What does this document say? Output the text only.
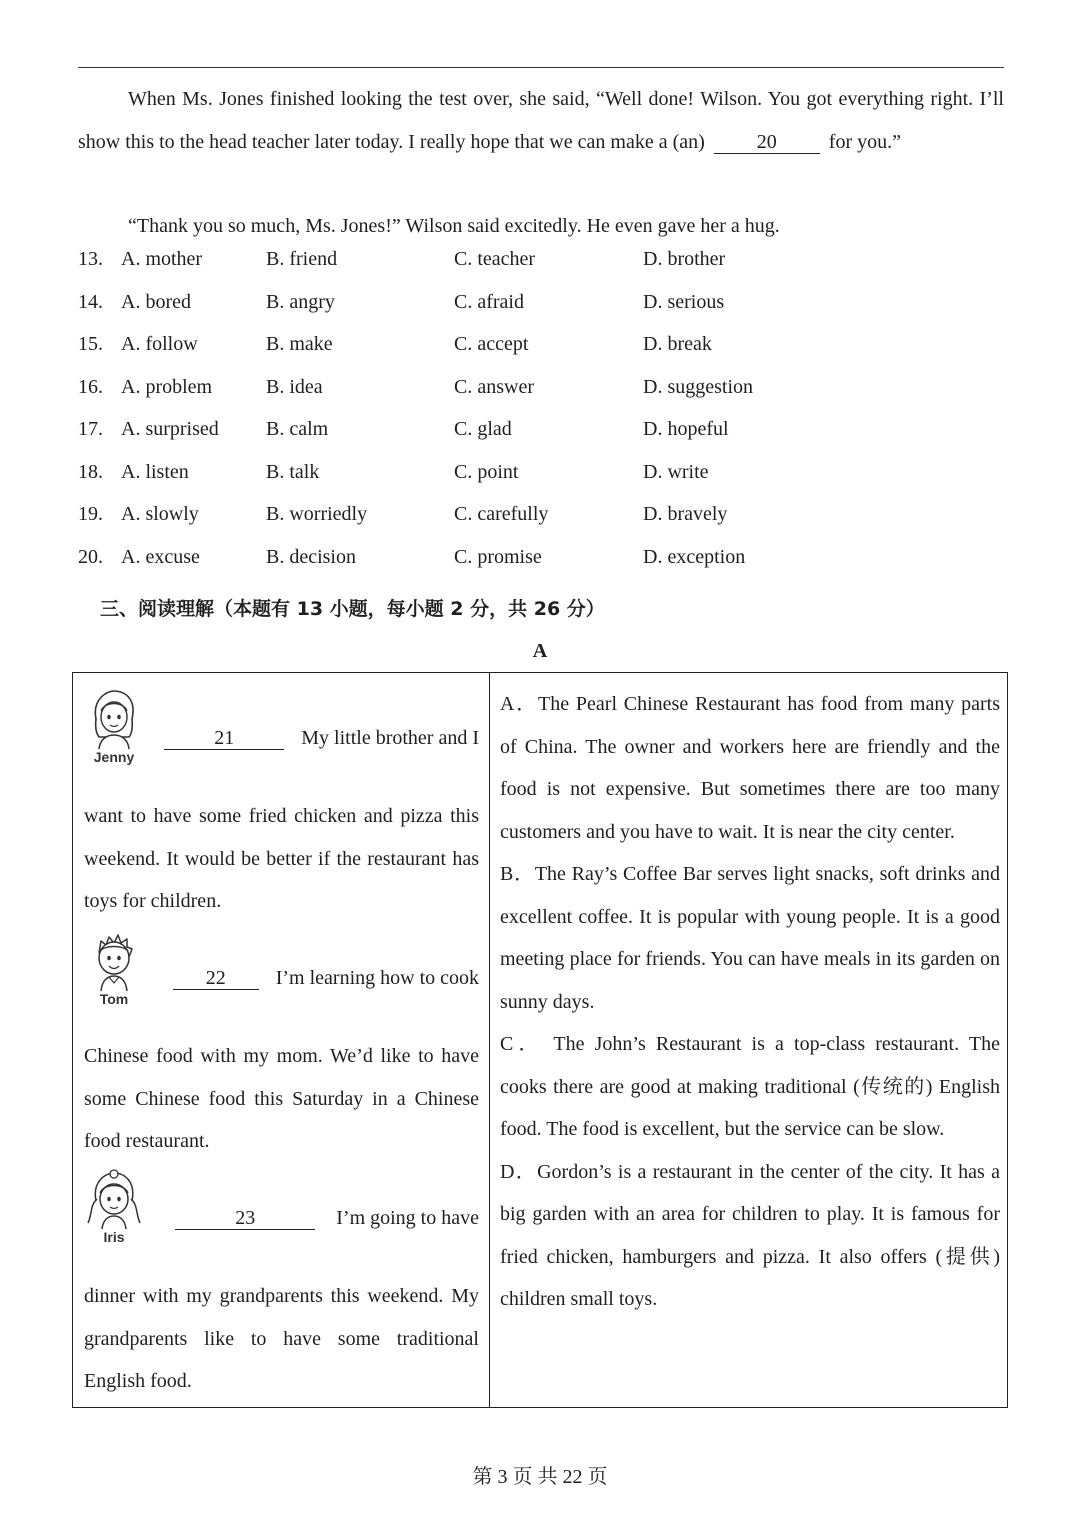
When Ms. Jones finished looking the test over, she said, “Well done! Wilson. You got everything right. I’ll show this to the head teacher later today. I really hope that we can make a (an)	20	for you.”
“Thank you so much, Ms. Jones!” Wilson said excitedly. He even gave her a hug.
13. A. mother	B. friend	C. teacher	D. brother
14. A. bored	B. angry	C. afraid	D. serious
15. A. follow	B. make	C. accept	D. break
16. A. problem	B. idea	C. answer	D. suggestion
17. A. surprised B. calm	C. glad	D. hopeful
18. A. listen	B. talk	C. point	D. write
19. A. slowly	B. worriedly	C. carefully	D. bravely
20. A. excuse	B. decision	C. promise	D. exception
三、阅读理解（本题有 13 小题，每小题 2 分，共 26 分）
A
Jenny
21	My little brother and I
want to have some fried chicken and pizza this weekend. It would be better if the restaurant has toys for children.
Tom
22	I’m learning how to cook
Chinese food with my mom. We’d like to have some Chinese food this Saturday in a Chinese food restaurant.
Iris
23	I’m going to have
dinner with my grandparents this weekend. My grandparents like to have some traditional English food.

A．The Pearl Chinese Restaurant has food from many parts of China. The owner and workers here are friendly and the food is not expensive. But sometimes there are too many customers and you have to wait. It is near the city center.

B．The Ray’s Coffee Bar serves light snacks, soft drinks and excellent coffee. It is popular with young people. It is a good meeting place for friends. You can have meals in its garden on sunny days.

C． The John’s Restaurant is a top-class restaurant. The cooks there are good at making traditional (传统的) English food. The food is excellent, but the service can be slow.

D．Gordon’s is a restaurant in the center of the city. It has a big garden with an area for children to play. It is famous for fried chicken, hamburgers and pizza. It also offers (提供) children small toys.

第 3 页 共 22 页
